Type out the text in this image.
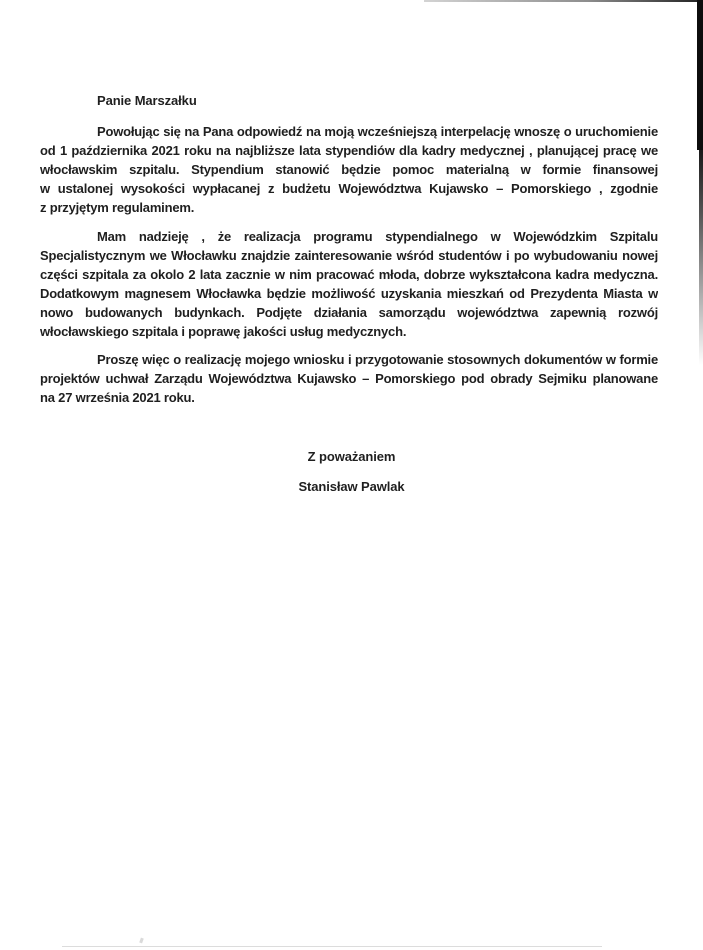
Panie Marszałku
Powołując się na Pana odpowiedź na moją wcześniejszą interpelację wnoszę o uruchomienie
od 1 października 2021 roku na najbliższe lata stypendiów dla kadry medycznej , planującej pracę we
włocławskim szpitalu. Stypendium stanowić będzie pomoc materialną w formie finansowej
w ustalonej wysokości wypłacanej z budżetu Województwa Kujawsko – Pomorskiego , zgodnie
z przyjętym regulaminem.
Mam nadzieję , że realizacja programu stypendialnego w Wojewódzkim Szpitalu
Specjalistycznym we Włocławku znajdzie zainteresowanie wśród studentów i po wybudowaniu nowej
części szpitala za okolo 2 lata zacznie w nim pracować młoda, dobrze wykształcona kadra medyczna.
Dodatkowym magnesem Włocławka będzie możliwość uzyskania mieszkań od Prezydenta Miasta w
nowo budowanych budynkach. Podjęte działania samorządu województwa zapewnią rozwój
włocławskiego szpitala i poprawę jakości usług medycznych.
Proszę więc o realizację mojego wniosku i przygotowanie stosownych dokumentów w formie
projektów uchwał Zarządu Województwa Kujawsko – Pomorskiego pod obrady Sejmiku planowane
na 27 września 2021 roku.
Z poważaniem
Stanisław Pawlak
